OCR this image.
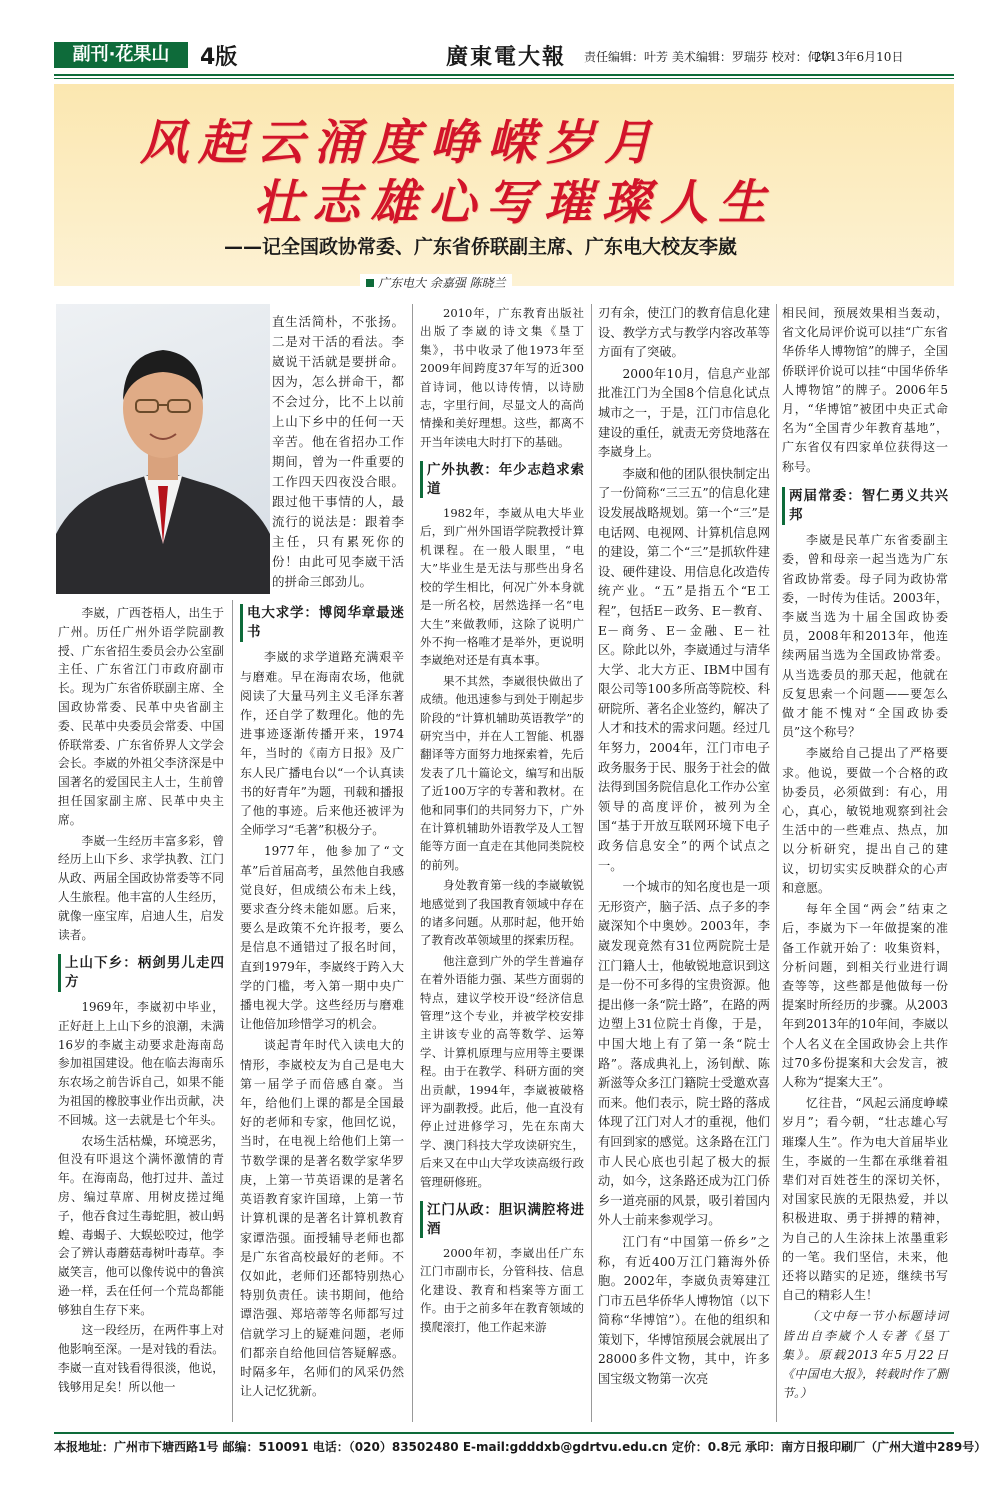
副刊·花果山	4版	廣東電大報 责任编辑：叶芳 美术编辑：罗瑞芬 校对：何华
2013年6月10日
风起云涌度峥嵘岁月
壮志雄心写璀璨人生
——记全国政协常委、广东省侨联副主席、广东电大校友李崴
广东电大 余嘉强 陈晓兰

直生活简朴，不张扬。二是对干活的看法。李崴说干活就是要拼命。因为，怎么拼命干，都不会过分，比不上以前上山下乡中的任何一天辛苦。他在省招办工作期间，曾为一件重要的工作四天四夜没合眼。跟过他干事情的人，最流行的说法是：跟着李主任，只有累死你的份！由此可见李崴干活的拼命三郎劲儿。

李崴，广西苍梧人，出生于广州。历任广州外语学院副教授、广东省招生委员会办公室副主任、广东省江门市政府副市长。现为广东省侨联副主席、全国政协常委、民革中央省副主委、民革中央委员会常委、中国侨联常委、广东省侨界人文学会会长。李崴的外祖父李济深是中国著名的爱国民主人士，生前曾担任国家副主席、民革中央主席。

李崴一生经历丰富多彩，曾经历上山下乡、求学执教、江门从政、两届全国政协常委等不同人生旅程。他丰富的人生经历，就像一座宝库，启迪人生，启发读者。

上山下乡：柄剑男儿走四方

1969年，李崴初中毕业，正好赶上上山下乡的浪潮，未满16岁的李崴主动要求赴海南岛参加祖国建设。他在临去海南乐东农场之前告诉自己，如果不能为祖国的橡胶事业作出贡献，决不回城。这一去就是七个年头。

农场生活枯燥，环境恶劣，但没有吓退这个满怀激情的青年。在海南岛，他打过井、盖过房、编过草席、用树皮搓过绳子，他吞食过生毒蛇胆，被山蚂蝗、毒蝎子、大蜈蚣咬过，他学会了辨认毒蘑菇毒树叶毒草。李崴笑言，他可以像传说中的鲁滨逊一样，丢在任何一个荒岛都能够独自生存下来。

这一段经历，在两件事上对他影响至深。一是对钱的看法。李崴一直对钱看得很淡，他说，钱够用足矣！所以他一

电大求学：博阅华章最迷书

李崴的求学道路充满艰辛与磨难。早在海南农场，他就阅读了大量马列主义毛泽东著作，还自学了数理化。他的先进事迹逐渐传播开来，1974年，当时的《南方日报》及广东人民广播电台以“一个认真读书的好青年”为题，刊载和播报了他的事迹。后来他还被评为全师学习“毛著”积极分子。

1977年，他参加了“文革”后首届高考，虽然他自我感觉良好，但成绩公布未上线，要求查分终未能如愿。后来，要么是政策不允许报考，要么是信息不通错过了报名时间，直到1979年，李崴终于跨入大学的门槛，考入第一期中央广播电视大学。这些经历与磨难让他倍加珍惜学习的机会。

谈起青年时代入读电大的情形，李崴校友为自己是电大第一届学子而倍感自豪。当年，给他们上课的都是全国最好的老师和专家，他回忆说，当时，在电视上给他们上第一节数学课的是著名数学家华罗庚，上第一节英语课的是著名英语教育家许国璋，上第一节计算机课的是著名计算机教育家谭浩强。面授辅导老师也都是广东省高校最好的老师。不仅如此，老师们还都特别热心特别负责任。读书期间，他给谭浩强、郑培蒂等名师都写过信就学习上的疑难问题，老师们都亲自给他回信答疑解惑。时隔多年，名师们的风采仍然让人记忆犹新。

2010年，广东教育出版社出版了李崴的诗文集《垦丁集》，书中收录了他1973年至2009年间跨度37年写的近300首诗词，他以诗传情，以诗励志，字里行间，尽显文人的高尚情操和美好理想。这些，都离不开当年读电大时打下的基础。

广外执教：年少志趋求索道

1982年，李崴从电大毕业后，到广州外国语学院教授计算机课程。在一般人眼里，“电大”毕业生是无法与那些出身名校的学生相比，何况广外本身就是一所名校，居然选择一名“电大生”来做教师，这除了说明广外不拘一格唯才是举外，更说明李崴绝对还是有真本事。

果不其然，李崴很快做出了成绩。他迅速参与到处于刚起步阶段的“计算机辅助英语教学”的研究当中，并在人工智能、机器翻译等方面努力地探索着，先后发表了几十篇论文，编写和出版了近100万字的专著和教材。在他和同事们的共同努力下，广外在计算机辅助外语教学及人工智能等方面一直走在其他同类院校的前列。

身处教育第一线的李崴敏锐地感觉到了我国教育领域中存在的诸多问题。从那时起，他开始了教育改革领域里的探索历程。

他注意到广外的学生普遍存在着外语能力强、某些方面弱的特点，建议学校开设“经济信息管理”这个专业，并被学校安排主讲该专业的高等数学、运筹学、计算机原理与应用等主要课程。由于在教学、科研方面的突出贡献，1994年，李崴被破格评为副教授。此后，他一直没有停止过进修学习，先在东南大学、澳门科技大学攻读研究生，后来又在中山大学攻读高级行政管理研修班。

江门从政：胆识满腔将进酒

2000年初，李崴出任广东江门市副市长，分管科技、信息化建设、教育和档案等方面工作。由于之前多年在教育领域的摸爬滚打，他工作起来游

刃有余，使江门的教育信息化建设、教学方式与教学内容改革等方面有了突破。

2000年10月，信息产业部批准江门为全国8个信息化试点城市之一，于是，江门市信息化建设的重任，就责无旁贷地落在李崴身上。

李崴和他的团队很快制定出了一份简称“三三五”的信息化建设发展战略规划。第一个“三”是电话网、电视网、计算机信息网的建设，第二个“三”是抓软件建设、硬件建设、用信息化改造传统产业。“五”是指五个“E工程”，包括E－政务、E－教育、E－商务、E－金融、E－社区。除此以外，李崴通过与清华大学、北大方正、IBM中国有限公司等100多所高等院校、科研院所、著名企业签约，解决了人才和技术的需求问题。经过几年努力，2004年，江门市电子政务服务于民、服务于社会的做法得到国务院信息化工作办公室领导的高度评价，被列为全国“基于开放互联网环境下电子政务信息安全”的两个试点之一。

一个城市的知名度也是一项无形资产，脑子活、点子多的李崴深知个中奥妙。2003年，李崴发现竟然有31位两院院士是江门籍人士，他敏锐地意识到这是一份不可多得的宝贵资源。他提出修一条“院士路”，在路的两边塑上31位院士肖像，于是，中国大地上有了第一条“院士路”。落成典礼上，汤钊猷、陈新滋等众多江门籍院士受邀欢喜而来。他们表示，院士路的落成体现了江门对人才的重视，他们有回到家的感觉。这条路在江门市人民心底也引起了极大的振动，如今，这条路还成为江门侨乡一道亮丽的风景，吸引着国内外人士前来参观学习。

江门有“中国第一侨乡”之称，有近400万江门籍海外侨胞。2002年，李崴负责筹建江门市五邑华侨华人博物馆（以下简称“华博馆”）。在他的组织和策划下，华博馆预展会就展出了28000多件文物，其中，许多国宝级文物第一次亮

相民间，预展效果相当轰动，省文化局评价说可以挂“广东省华侨华人博物馆”的牌子，全国侨联评价说可以挂“中国华侨华人博物馆”的牌子。2006年5月，“华博馆”被团中央正式命名为“全国青少年教育基地”，广东省仅有四家单位获得这一称号。

两届常委：智仁勇义共兴邦

李崴是民革广东省委副主委，曾和母亲一起当选为广东省政协常委。母子同为政协常委，一时传为佳话。2003年，李崴当选为十届全国政协委员，2008年和2013年，他连续两届当选为全国政协常委。从当选委员的那天起，他就在反复思索一个问题——要怎么做才能不愧对“全国政协委员”这个称号？

李崴给自己提出了严格要求。他说，要做一个合格的政协委员，必须做到：有心，用心，真心，敏锐地观察到社会生活中的一些难点、热点，加以分析研究，提出自己的建议，切切实实反映群众的心声和意愿。

每年全国“两会”结束之后，李崴为下一年做提案的准备工作就开始了：收集资料，分析问题，到相关行业进行调查等等，这些都是他做每一份提案时所经历的步骤。从2003年到2013年的10年间，李崴以个人名义在全国政协会上共作过70多份提案和大会发言，被人称为“提案大王”。

忆往昔，“风起云涌度峥嵘岁月”；看今朝，“壮志雄心写璀璨人生”。作为电大首届毕业生，李崴的一生都在承继着祖辈们对百姓苍生的深切关怀，对国家民族的无限热爱，并以积极进取、勇于拼搏的精神，为自己的人生涂抹上浓墨重彩的一笔。我们坚信，未来，他还将以踏实的足迹，继续书写自己的精彩人生！

（文中每一节小标题诗词皆出自李崴个人专著《垦丁集》。原载2013年5月22日《中国电大报》，转载时作了删节。）

本报地址：广州市下塘西路1号 邮编：510091 电话：（020）83502480 E-mail:gdddxb@gdrtvu.edu.cn 定价：0.8元 承印：南方日报印刷厂（广州大道中289号）
